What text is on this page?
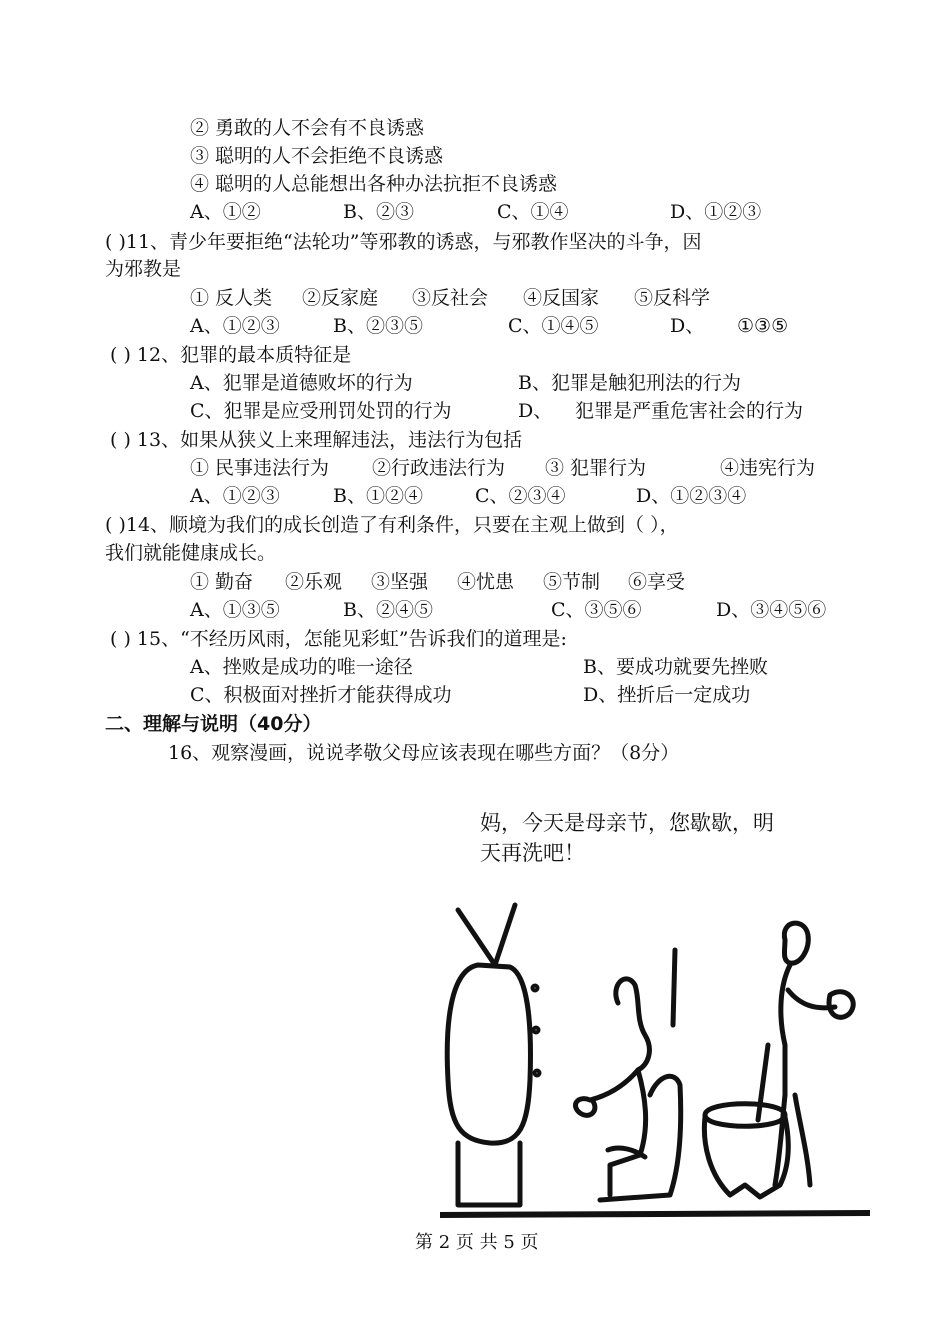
② 勇敢的人不会有不良诱惑
③ 聪明的人不会拒绝不良诱惑
④ 聪明的人总能想出各种办法抗拒不良诱惑
A、①②	B、②③	C、①④	D、①②③
( )11、青少年要拒绝“法轮功”等邪教的诱惑，与邪教作坚决的斗争，因
为邪教是
① 反人类 ②反家庭 ③反社会 ④反国家 ⑤反科学
A、①②③	B、②③⑤	C、①④⑤	D、 ①③⑤
( ) 12、犯罪的最本质特征是
A、犯罪是道德败坏的行为	B、犯罪是触犯刑法的行为
C、犯罪是应受刑罚处罚的行为	D、 犯罪是严重危害社会的行为
( ) 13、如果从狭义上来理解违法，违法行为包括
① 民事违法行为 ②行政违法行为 ③ 犯罪行为	④违宪行为
A、①②③	B、①②④	C、②③④	D、①②③④
( )14、顺境为我们的成长创造了有利条件，只要在主观上做到（ ），
我们就能健康成长。
① 勤奋 ②乐观 ③坚强 ④忧患 ⑤节制 ⑥享受
A、①③⑤	B、②④⑤	C、③⑤⑥	D、③④⑤⑥
( ) 15、“不经历风雨，怎能见彩虹”告诉我们的道理是:
A、挫败是成功的唯一途径	B、要成功就要先挫败
C、积极面对挫折才能获得成功	D、挫折后一定成功
二、理解与说明（40分）
16、观察漫画，说说孝敬父母应该表现在哪些方面？（8分）
妈，今天是母亲节，您歇歇，明
天再洗吧！
第 2 页 共 5 页
